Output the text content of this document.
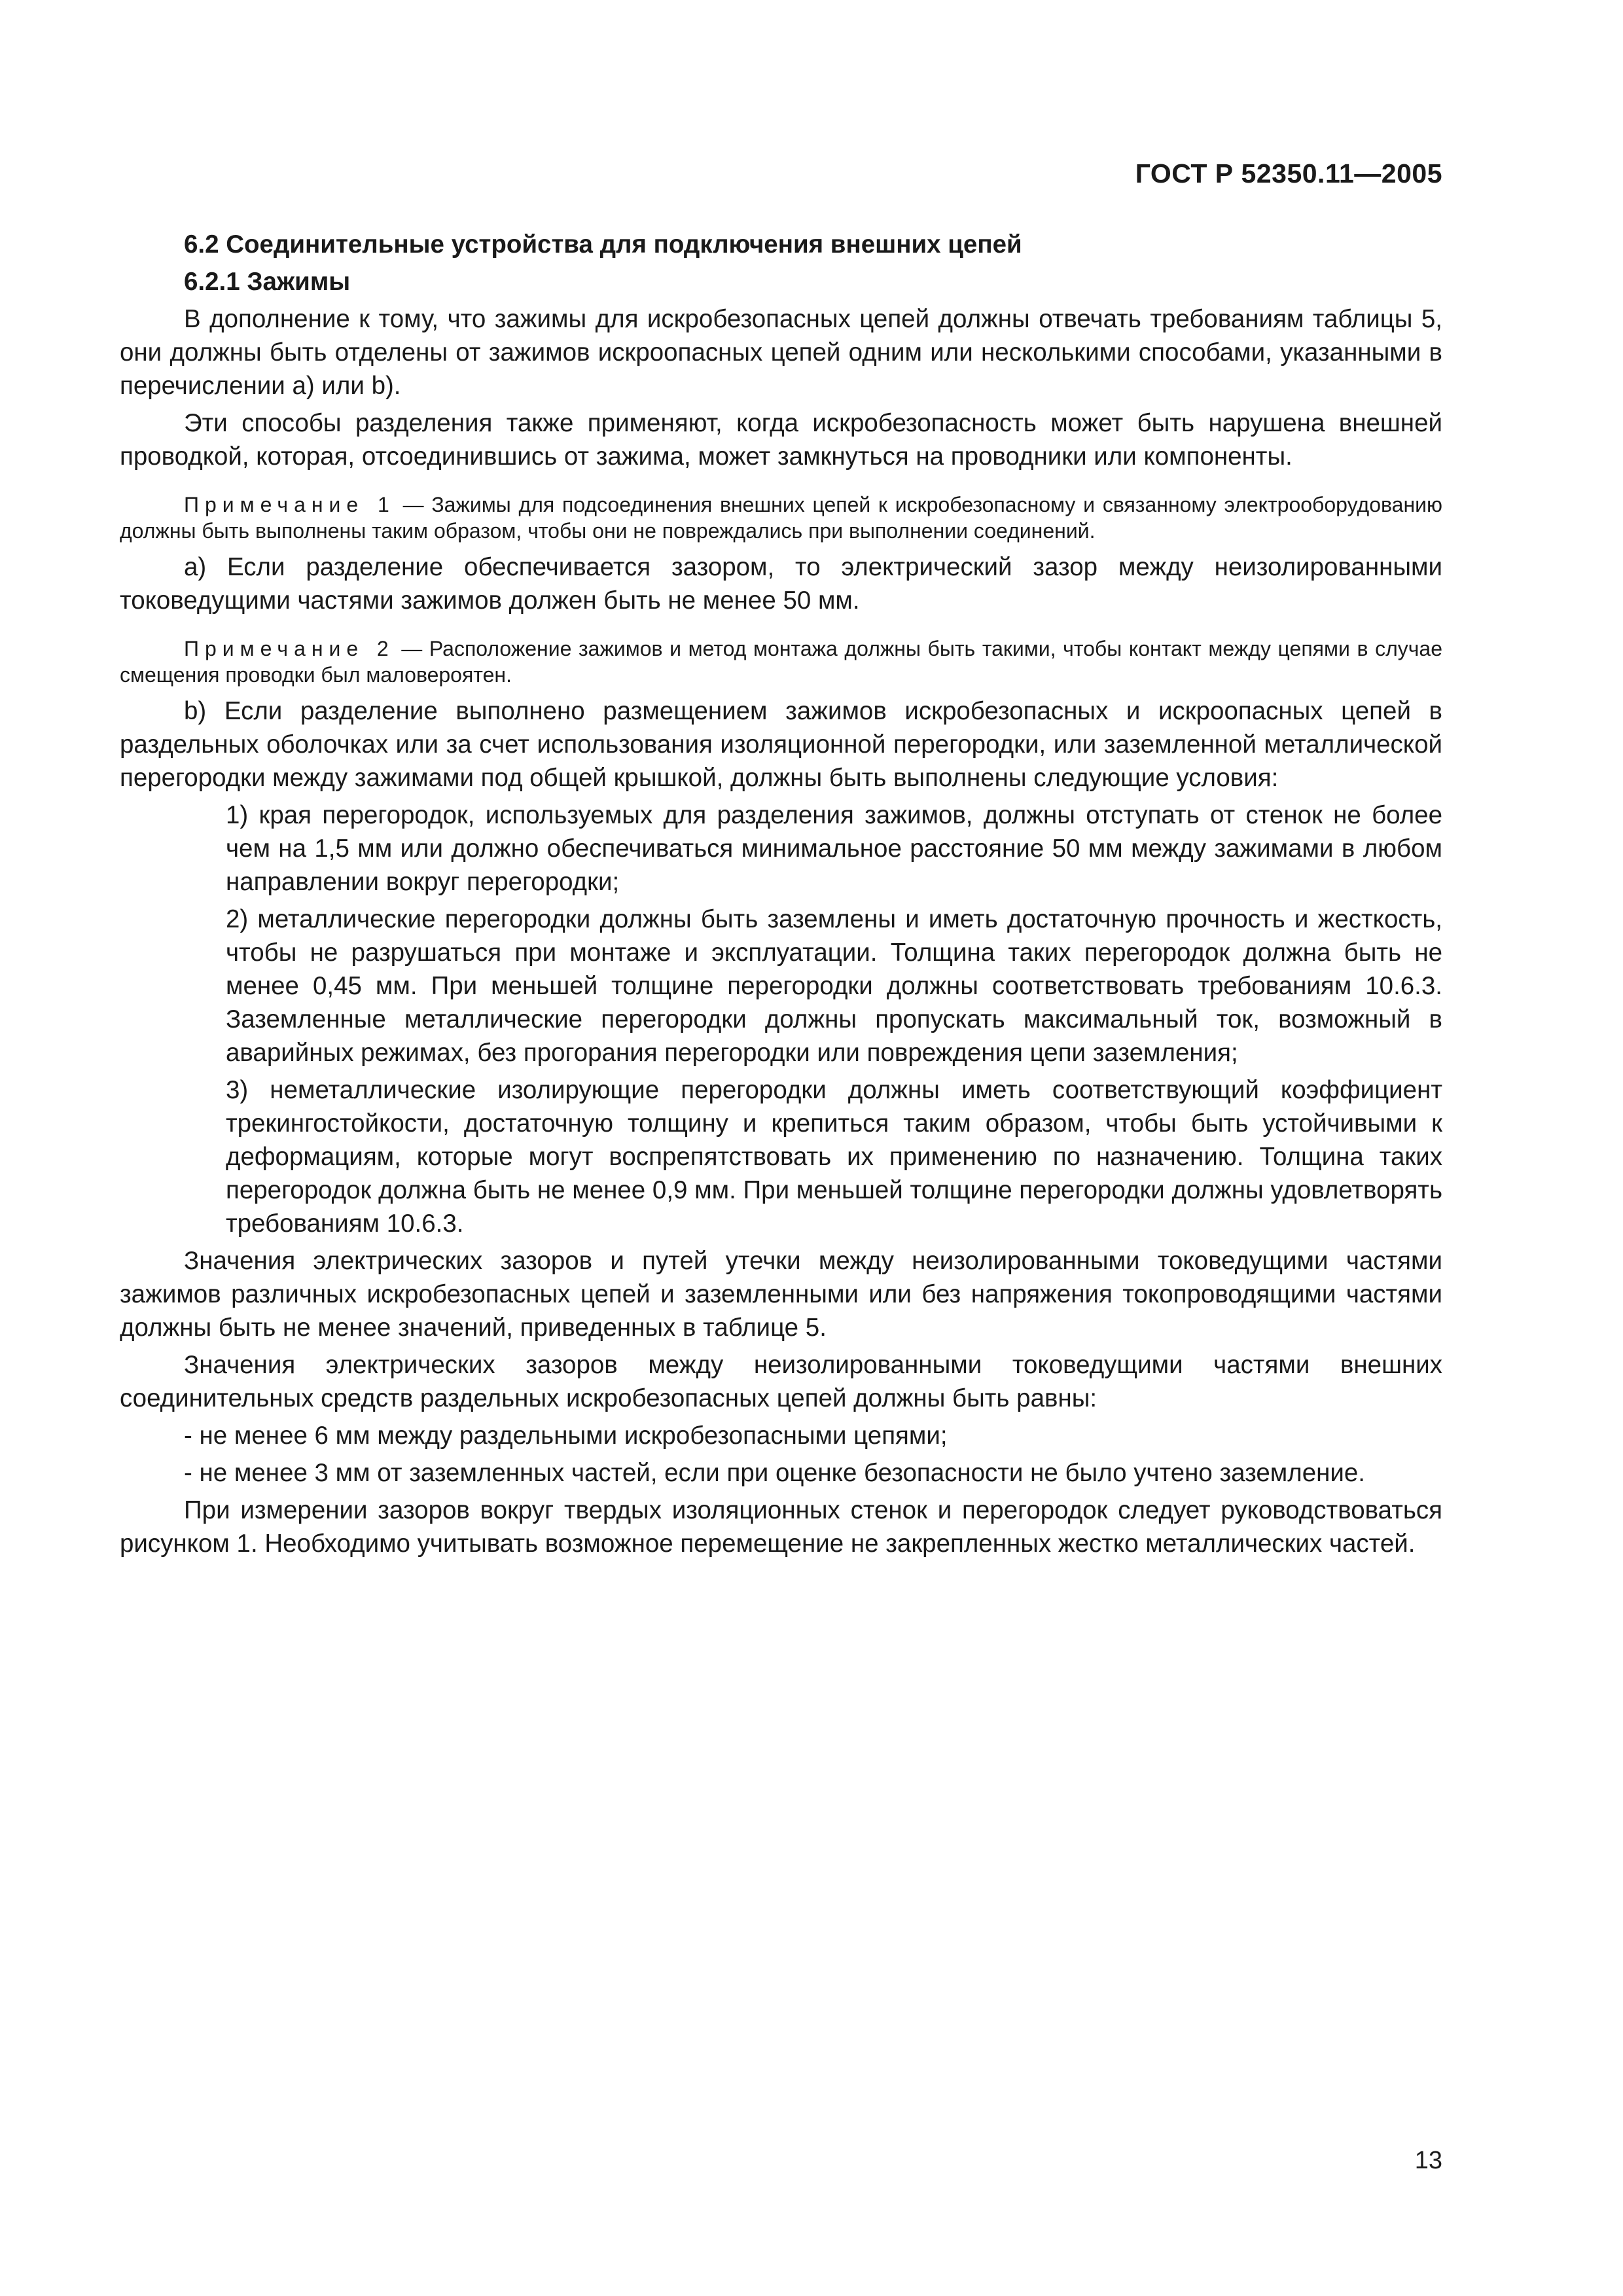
ГОСТ Р 52350.11—2005

6.2 Соединительные устройства для подключения внешних цепей

6.2.1 Зажимы

В дополнение к тому, что зажимы для искробезопасных цепей должны отвечать требованиям таблицы 5, они должны быть отделены от зажимов искроопасных цепей одним или несколькими способами, указанными в перечислении а) или b).

Эти способы разделения также применяют, когда искробезопасность может быть нарушена внешней проводкой, которая, отсоединившись от зажима, может замкнуться на проводники или компоненты.

Примечание 1 — Зажимы для подсоединения внешних цепей к искробезопасному и связанному электрооборудованию должны быть выполнены таким образом, чтобы они не повреждались при выполнении соединений.

а) Если разделение обеспечивается зазором, то электрический зазор между неизолированными токоведущими частями зажимов должен быть не менее 50 мм.

Примечание 2 — Расположение зажимов и метод монтажа должны быть такими, чтобы контакт между цепями в случае смещения проводки был маловероятен.

b) Если разделение выполнено размещением зажимов искробезопасных и искроопасных цепей в раздельных оболочках или за счет использования изоляционной перегородки, или заземленной металлической перегородки между зажимами под общей крышкой, должны быть выполнены следующие условия:

1) края перегородок, используемых для разделения зажимов, должны отступать от стенок не более чем на 1,5 мм или должно обеспечиваться минимальное расстояние 50 мм между зажимами в любом направлении вокруг перегородки;

2) металлические перегородки должны быть заземлены и иметь достаточную прочность и жесткость, чтобы не разрушаться при монтаже и эксплуатации. Толщина таких перегородок должна быть не менее 0,45 мм. При меньшей толщине перегородки должны соответствовать требованиям 10.6.3. Заземленные металлические перегородки должны пропускать максимальный ток, возможный в аварийных режимах, без прогорания перегородки или повреждения цепи заземления;

3) неметаллические изолирующие перегородки должны иметь соответствующий коэффициент трекингостойкости, достаточную толщину и крепиться таким образом, чтобы быть устойчивыми к деформациям, которые могут воспрепятствовать их применению по назначению. Толщина таких перегородок должна быть не менее 0,9 мм. При меньшей толщине перегородки должны удовлетворять требованиям 10.6.3.

Значения электрических зазоров и путей утечки между неизолированными токоведущими частями зажимов различных искробезопасных цепей и заземленными или без напряжения токопроводящими частями должны быть не менее значений, приведенных в таблице 5.

Значения электрических зазоров между неизолированными токоведущими частями внешних соединительных средств раздельных искробезопасных цепей должны быть равны:

- не менее 6 мм между раздельными искробезопасными цепями;

- не менее 3 мм от заземленных частей, если при оценке безопасности не было учтено заземление.

При измерении зазоров вокруг твердых изоляционных стенок и перегородок следует руководствоваться рисунком 1. Необходимо учитывать возможное перемещение не закрепленных жестко металлических частей.

13
